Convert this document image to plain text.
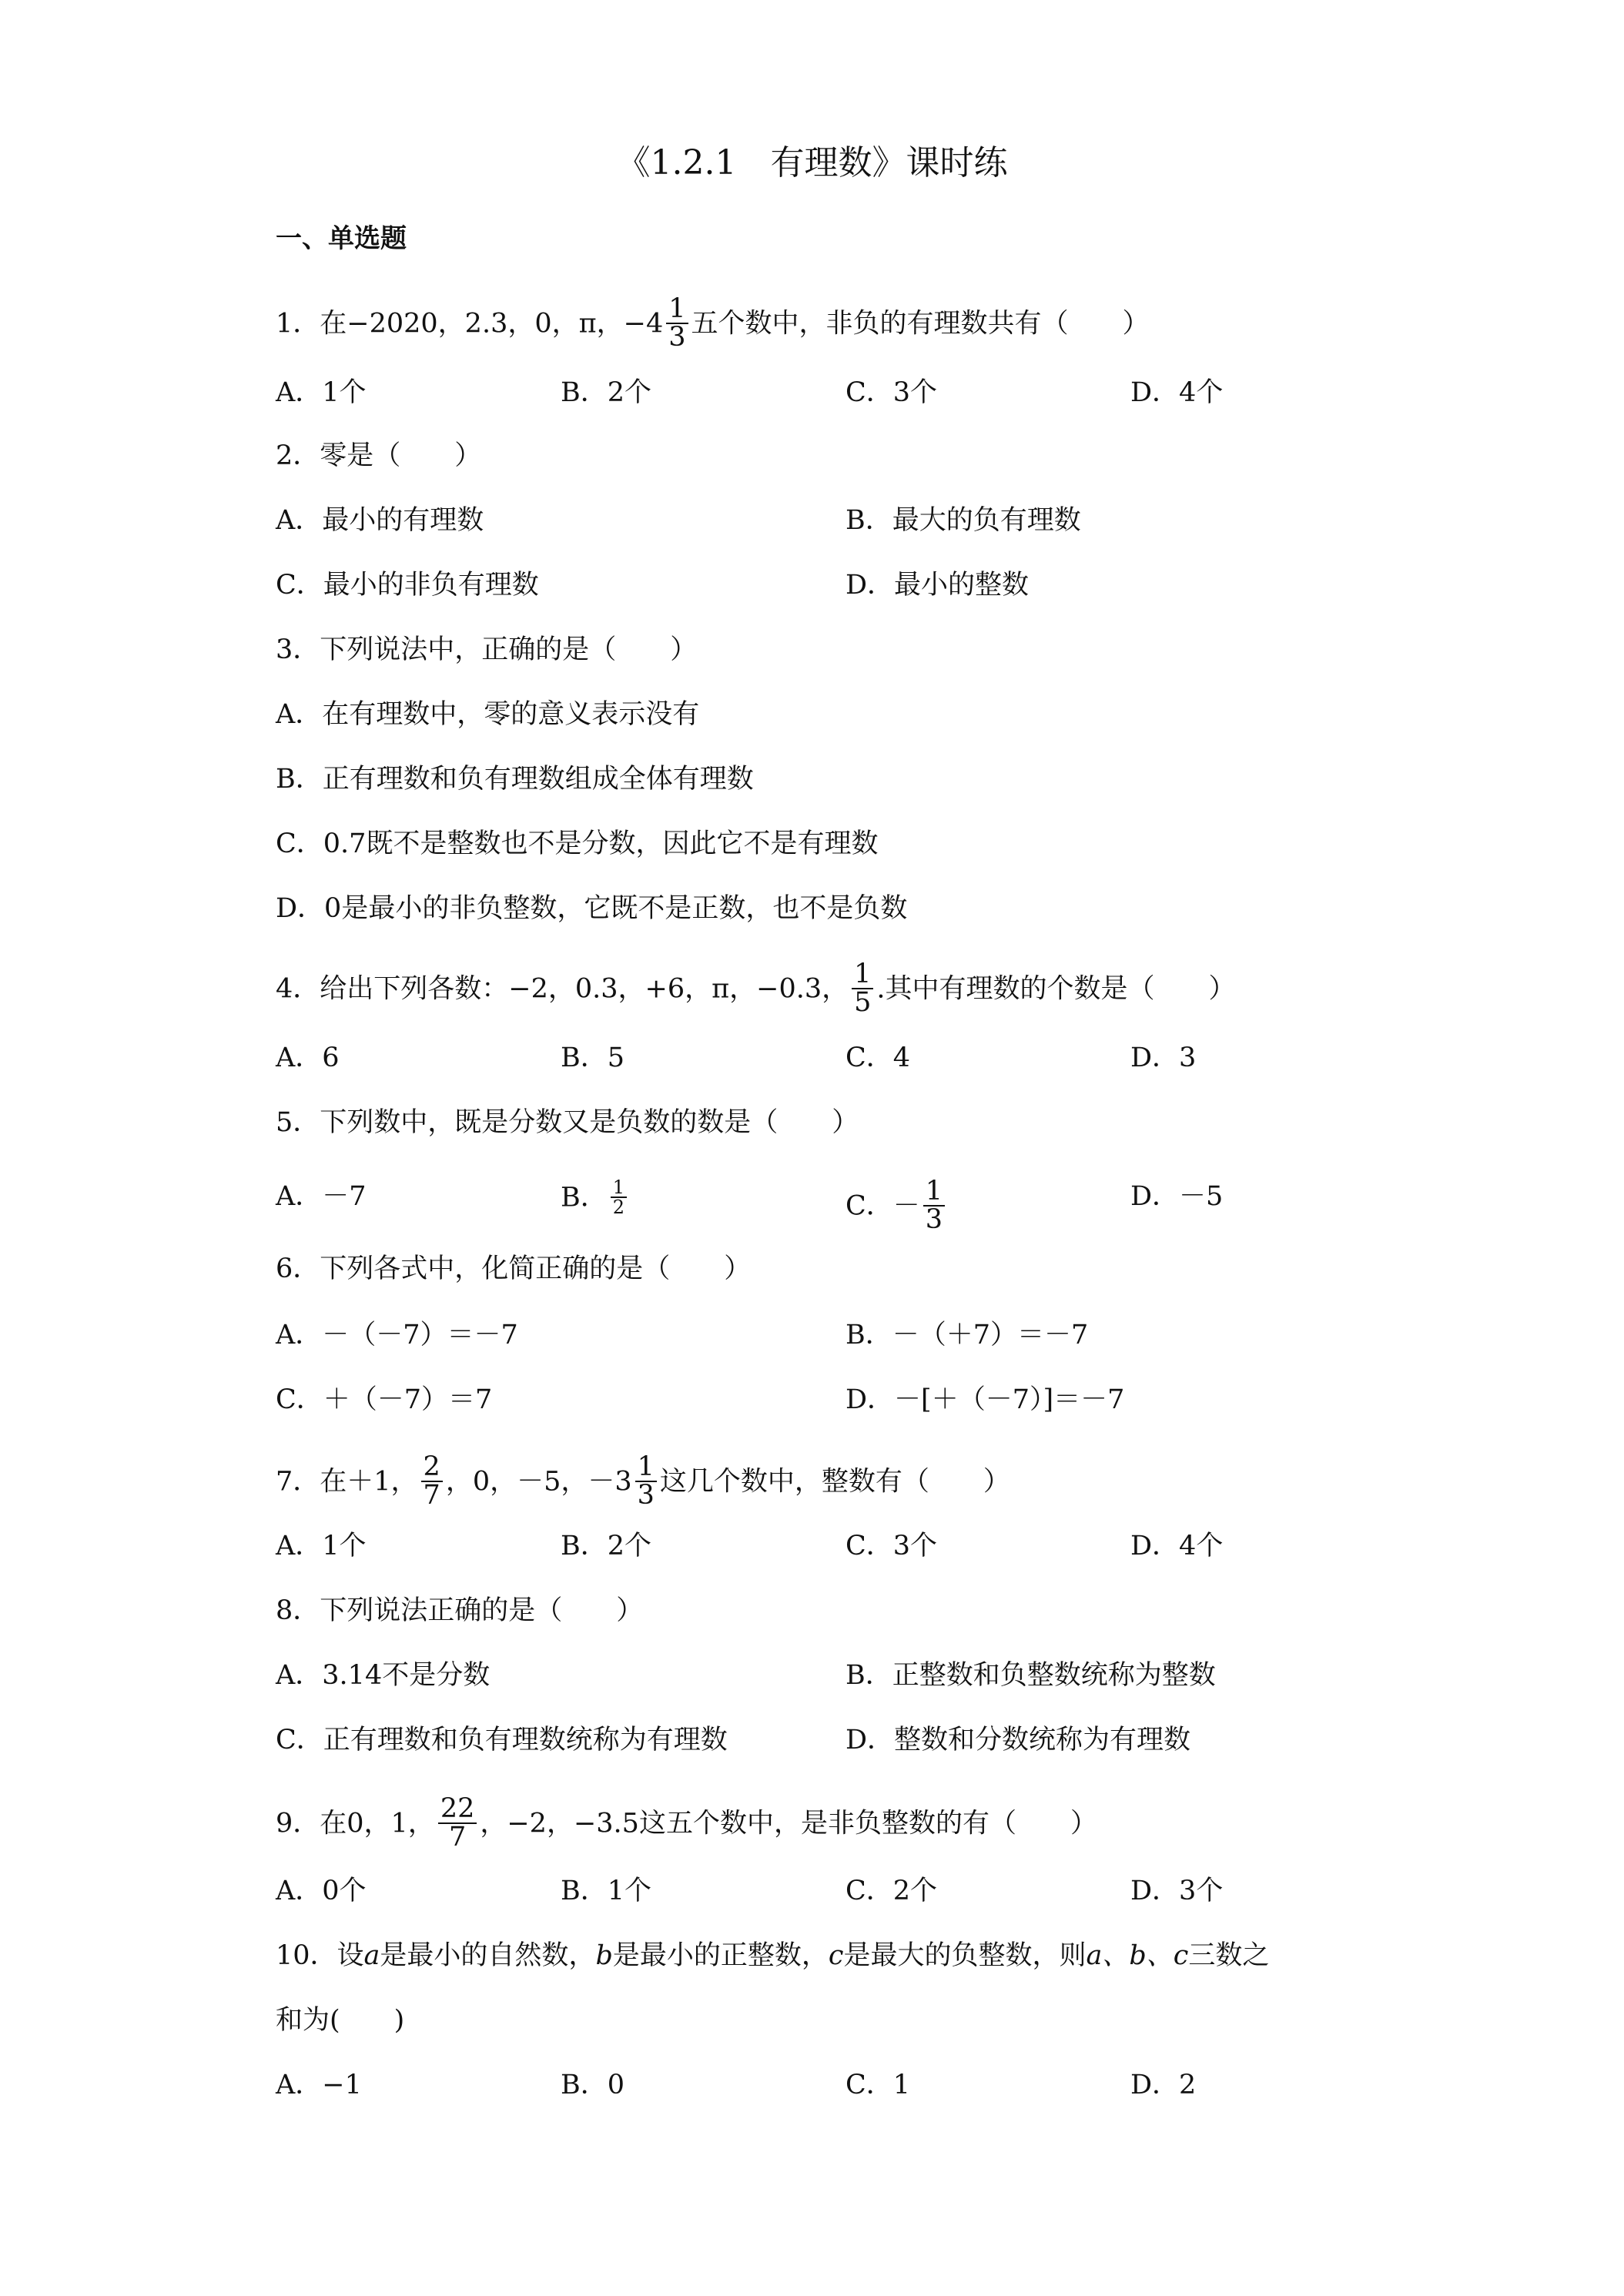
《1.2.1　有理数》课时练
一、单选题
1．在−2020，2.3，0，π，$-4 \frac{1}{3}$ 五个数中，非负的有理数共有（　　）
A．1个	B．2个	C．3个	D．4个
2．零是（　　）
A．最小的有理数	B．最大的负有理数
C．最小的非负有理数	D．最小的整数
3．下列说法中，正确的是（　　）
A．在有理数中，零的意义表示没有
B．正有理数和负有理数组成全体有理数
C．0.7既不是整数也不是分数，因此它不是有理数
D．0是最小的非负整数，它既不是正数，也不是负数
4．给出下列各数：−2，0.3，+6，π，−0.3， $\frac{1}{5}$ .其中有理数的个数是（　　）
A．6	B．5	C．4	D．3
5．下列数中，既是分数又是负数的数是（　　）
A．－7	B． $\frac{1}{2}$	C．－ $\frac{1}{3}$	D．－5
6．下列各式中，化简正确的是（　　）
A．－（－7）＝－7	B．－（＋7）＝－7
C．＋（－7）＝7	D．－[＋（－7）]＝－7
7．在＋1， $\frac{2}{7}$ ，0，－5，$-3 \frac{1}{3}$ 这几个数中，整数有（　　）
A．1个	B．2个	C．3个	D．4个
8．下列说法正确的是（　　）
A．3.14不是分数	B．正整数和负整数统称为整数
C．正有理数和负有理数统称为有理数	D．整数和分数统称为有理数
9．在0，1， $\frac{22}{7}$ ，−2，−3.5这五个数中，是非负整数的有（　　）
A．0个	B．1个	C．2个	D．3个
10．设a是最小的自然数，b是最小的正整数，c是最大的负整数，则a、b、c三数之
和为(　　)
A．−1	B．0	C．1	D．2
